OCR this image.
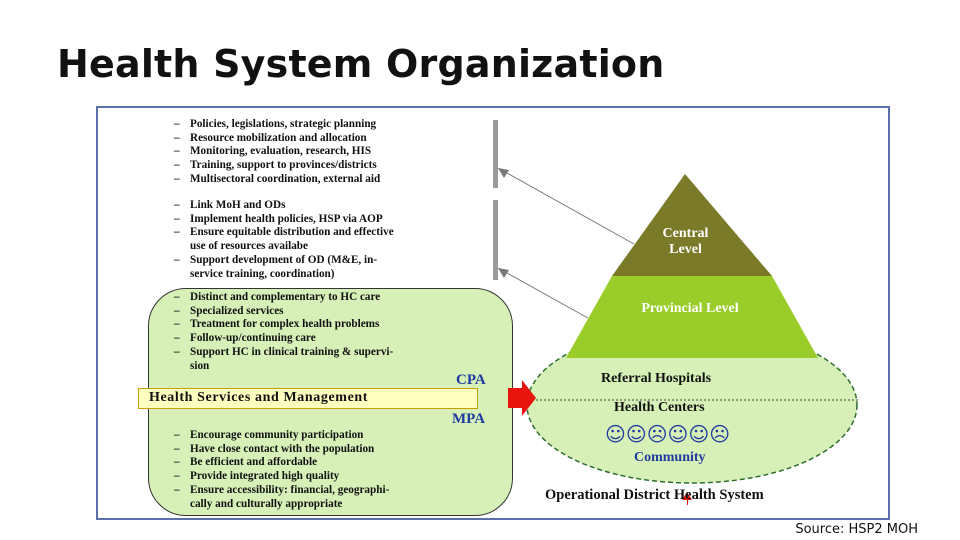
Health System Organization
– Policies, legislations, strategic planning
– Resource mobilization and allocation
– Monitoring, evaluation, research, HIS
– Training, support to provinces/districts
– Multisectoral coordination, external aid
– Link MoH and ODs
– Implement health policies, HSP via AOP
– Ensure equitable distribution and effective
use of resources availabe
– Support development of OD (M&E, in-
service training, coordination)
– Distinct and complementary to HC care
– Specialized services
– Treatment for complex health problems
– Follow-up/continuing care
– Support HC in clinical training & supervi-
sion
CPA
Health Services and Management
MPA
– Encourage community participation
– Have close contact with the population
– Be efficient and affordable
– Provide integrated high quality
– Ensure accessibility: financial, geographi-
cally and culturally appropriate
Central
Level
Provincial Level
Referral Hospitals
Health Centers
☺☺☹☺☺☹
Community
Operational District Health System
Source: HSP2 MOH
